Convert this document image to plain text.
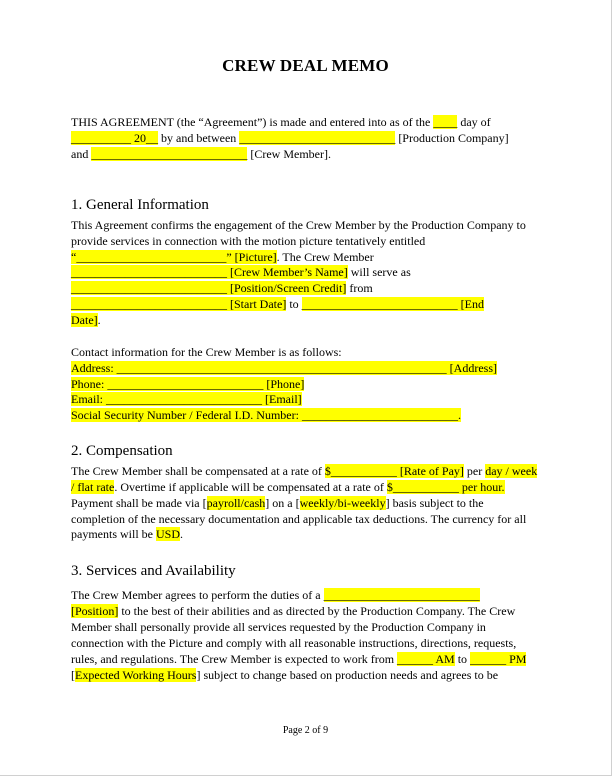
CREW DEAL MEMO
THIS AGREEMENT (the “Agreement”) is made and entered into as of the ____ day of
__________ 20__ by and between __________________________ [Production Company]
and __________________________ [Crew Member].
1. General Information
This Agreement confirms the engagement of the Crew Member by the Production Company to
provide services in connection with the motion picture tentatively entitled
“_________________________” [Picture]. The Crew Member
__________________________ [Crew Member’s Name] will serve as
__________________________ [Position/Screen Credit] from
__________________________ [Start Date] to __________________________ [End
Date].
Contact information for the Crew Member is as follows:
Address: _______________________________________________________ [Address]
Phone: __________________________ [Phone]
Email: __________________________ [Email]
Social Security Number / Federal I.D. Number: __________________________.
2. Compensation
The Crew Member shall be compensated at a rate of $___________ [Rate of Pay] per day / week
/ flat rate. Overtime if applicable will be compensated at a rate of $___________ per hour.
Payment shall be made via [payroll/cash] on a [weekly/bi-weekly] basis subject to the
completion of the necessary documentation and applicable tax deductions. The currency for all
payments will be USD.
3. Services and Availability
The Crew Member agrees to perform the duties of a __________________________
[Position] to the best of their abilities and as directed by the Production Company. The Crew
Member shall personally provide all services requested by the Production Company in
connection with the Picture and comply with all reasonable instructions, directions, requests,
rules, and regulations. The Crew Member is expected to work from ______ AM to ______ PM
[Expected Working Hours] subject to change based on production needs and agrees to be
Page 2 of 9
